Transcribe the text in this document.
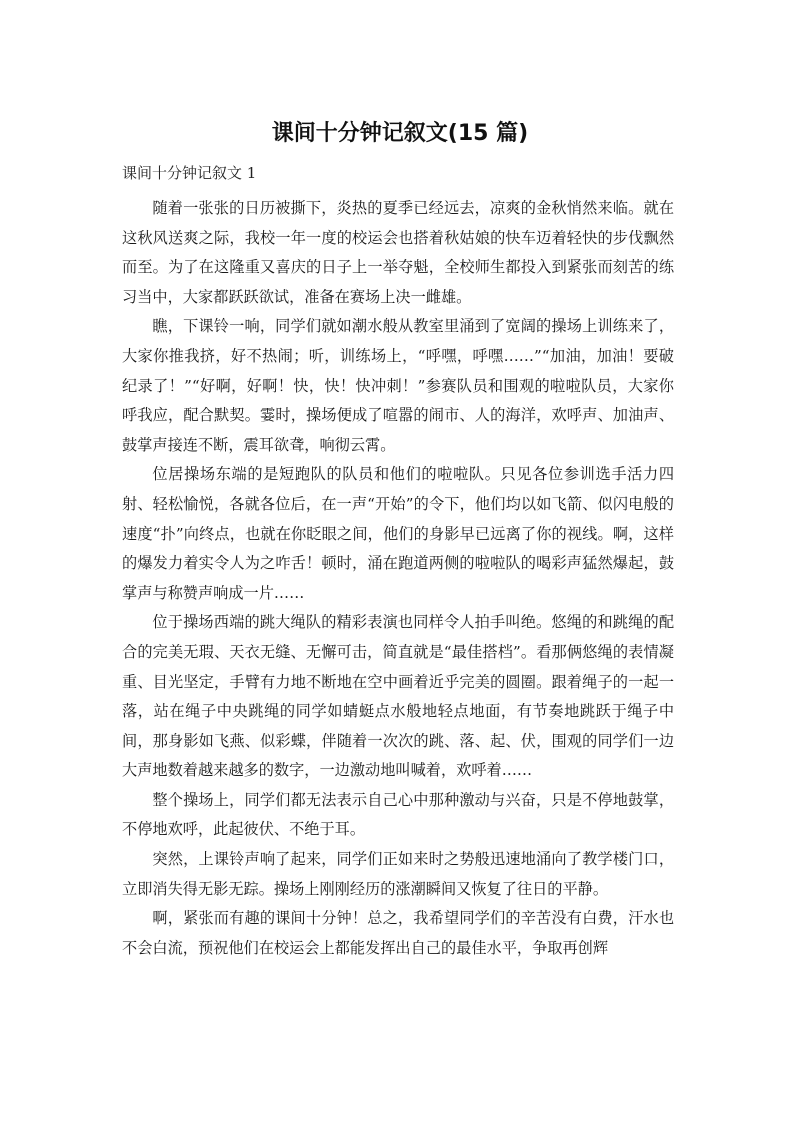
课间十分钟记叙文(15 篇)
课间十分钟记叙文 1

随着一张张的日历被撕下，炎热的夏季已经远去，凉爽的金秋悄然来临。就在这秋风送爽之际，我校一年一度的校运会也搭着秋姑娘的快车迈着轻快的步伐飘然而至。为了在这隆重又喜庆的日子上一举夺魁，全校师生都投入到紧张而刻苦的练习当中，大家都跃跃欲试，准备在赛场上决一雌雄。

瞧，下课铃一响，同学们就如潮水般从教室里涌到了宽阔的操场上训练来了，大家你推我挤，好不热闹；听，训练场上，“呼嘿，呼嘿……”“加油，加油！要破纪录了！”“好啊，好啊！快，快！快冲刺！”参赛队员和围观的啦啦队员，大家你呼我应，配合默契。霎时，操场便成了喧嚣的闹市、人的海洋，欢呼声、加油声、鼓掌声接连不断，震耳欲聋，响彻云霄。

位居操场东端的是短跑队的队员和他们的啦啦队。只见各位参训选手活力四射、轻松愉悦，各就各位后，在一声“开始”的令下，他们均以如飞箭、似闪电般的速度“扑”向终点，也就在你眨眼之间，他们的身影早已远离了你的视线。啊，这样的爆发力着实令人为之咋舌！顿时，涌在跑道两侧的啦啦队的喝彩声猛然爆起，鼓掌声与称赞声响成一片……

位于操场西端的跳大绳队的精彩表演也同样令人拍手叫绝。悠绳的和跳绳的配合的完美无瑕、天衣无缝、无懈可击，简直就是“最佳搭档”。看那俩悠绳的表情凝重、目光坚定，手臂有力地不断地在空中画着近乎完美的圆圈。跟着绳子的一起一落，站在绳子中央跳绳的同学如蜻蜓点水般地轻点地面，有节奏地跳跃于绳子中间，那身影如飞燕、似彩蝶，伴随着一次次的跳、落、起、伏，围观的同学们一边大声地数着越来越多的数字，一边激动地叫喊着，欢呼着……

整个操场上，同学们都无法表示自己心中那种激动与兴奋，只是不停地鼓掌，不停地欢呼，此起彼伏、不绝于耳。

突然，上课铃声响了起来，同学们正如来时之势般迅速地涌向了教学楼门口，立即消失得无影无踪。操场上刚刚经历的涨潮瞬间又恢复了往日的平静。

啊，紧张而有趣的课间十分钟！总之，我希望同学们的辛苦没有白费，汗水也不会白流，预祝他们在校运会上都能发挥出自己的最佳水平，争取再创辉
